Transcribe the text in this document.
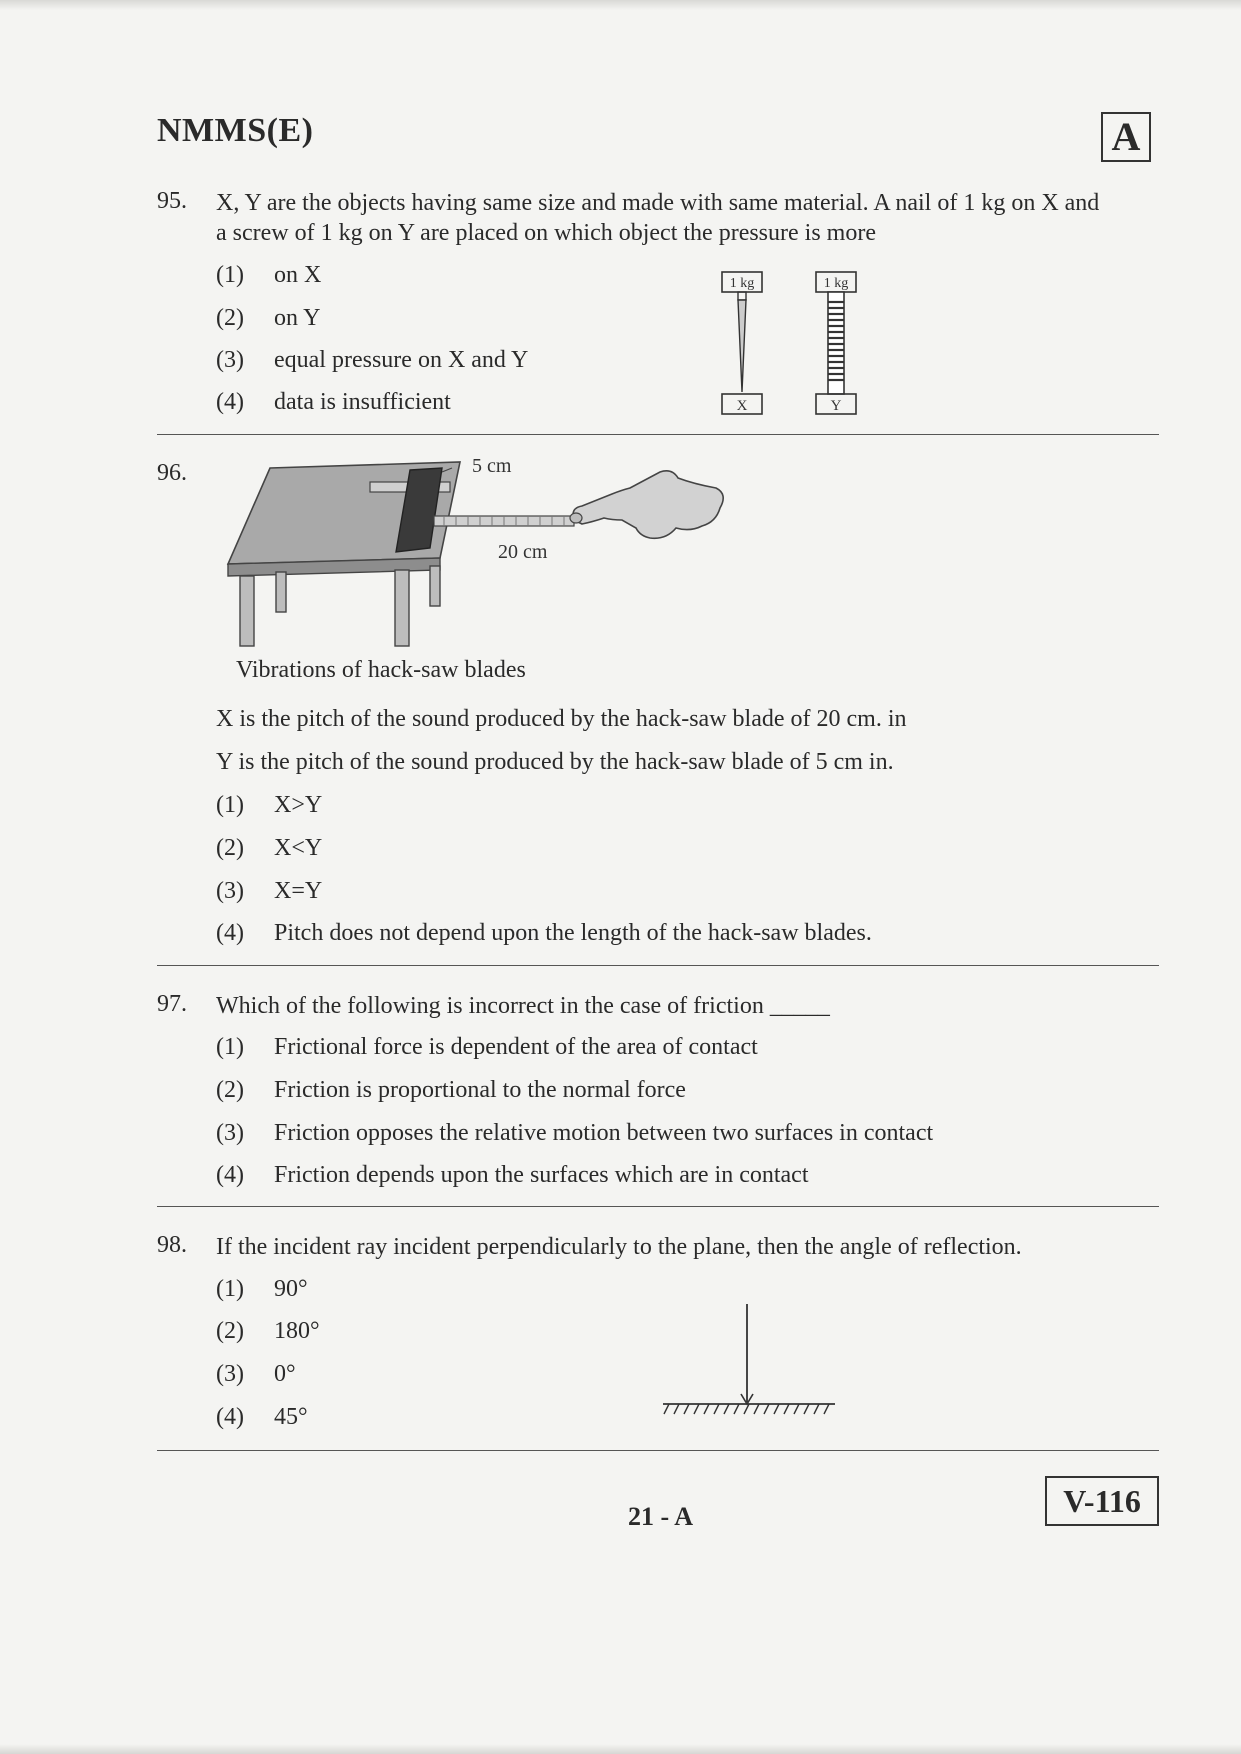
NMMS(E)	A
95. X, Y are the objects having same size and made with same material. A nail of 1 kg on X and
a screw of 1 kg on Y are placed on which object the pressure is more
(1) on X
(2) on Y
(3) equal pressure on X and Y
(4) data is insufficient
1 kg
X
1 kg
Y
96.	5 cm
20 cm
Vibrations of hack-saw blades
X is the pitch of the sound produced by the hack-saw blade of 20 cm. in
Y is the pitch of the sound produced by the hack-saw blade of 5 cm in.
(1) X>Y
(2) X<Y
(3) X=Y
(4) Pitch does not depend upon the length of the hack-saw blades.
97. Which of the following is incorrect in the case of friction _____
(1) Frictional force is dependent of the area of contact
(2) Friction is proportional to the normal force
(3) Friction opposes the relative motion between two surfaces in contact
(4) Friction depends upon the surfaces which are in contact
98. If the incident ray incident perpendicularly to the plane, then the angle of reflection.
(1) 90°
(2) 180°
(3) 0°
(4) 45°
21 - A	V-116
